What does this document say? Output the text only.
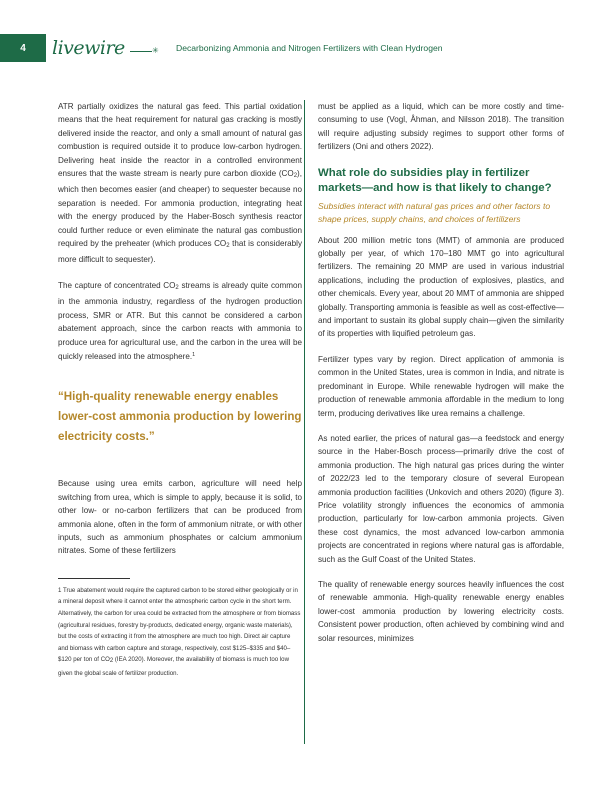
4	livewire	✳ Decarbonizing Ammonia and Nitrogen Fertilizers with Clean Hydrogen

ATR partially oxidizes the natural gas feed. This partial oxidation means that the heat requirement for natural gas cracking is mostly delivered inside the reactor, and only a small amount of natural gas combustion is required outside it to produce low-carbon hydrogen. Delivering heat inside the reactor in a controlled environment ensures that the waste stream is nearly pure carbon dioxide $(CO_2)$, which then becomes easier (and cheaper) to sequester because no separation is needed. For ammonia production, integrating heat with the energy produced by the Haber-Bosch synthesis reactor could further reduce or even eliminate the natural gas combustion required by the preheater (which produces $CO_2$ that is considerably more difficult to sequester).

The capture of concentrated $CO_2$ streams is already quite common in the ammonia industry, regardless of the hydrogen production process, SMR or ATR. But this cannot be considered a carbon abatement approach, since the carbon reacts with ammonia to produce urea for agricultural use, and the carbon in the urea will be quickly released into the atmosphere.$^1$

“High-quality renewable energy enables lower-cost ammonia production by lowering electricity costs.”

Because using urea emits carbon, agriculture will need help switching from urea, which is simple to apply, because it is solid, to other low- or no-carbon fertilizers that can be produced from ammonia alone, often in the form of ammonium nitrate, or with other inputs, such as ammonium phosphates or calcium ammonium nitrates. Some of these fertilizers

1 True abatement would require the captured carbon to be stored either geologically or in a mineral deposit where it cannot enter the atmospheric carbon cycle in the short term. Alternatively, the carbon for urea could be extracted from the atmosphere or from biomass (agricultural residues, forestry by-products, dedicated energy, organic waste materials), but the costs of extracting it from the atmosphere are much too high. Direct air capture and biomass with carbon capture and storage, respectively, cost $125–$335 and $40–$120 per ton of $CO_2$ (IEA 2020). Moreover, the availability of biomass is much too low given the global scale of fertilizer production.

must be applied as a liquid, which can be more costly and time-consuming to use (Vogl, Åhman, and Nilsson 2018). The transition will require adjusting subsidy regimes to support other forms of fertilizers (Oni and others 2022).

What role do subsidies play in fertilizer markets—and how is that likely to change?
Subsidies interact with natural gas prices and other factors to shape prices, supply chains, and choices of fertilizers

About 200 million metric tons (MMT) of ammonia are produced globally per year, of which 170–180 MMT go into agricultural fertilizers. The remaining 20 MMP are used in various industrial applications, including the production of explosives, plastics, and other chemicals. Every year, about 20 MMT of ammonia are shipped globally. Transporting ammonia is feasible as well as cost-effective—and important to sustain its global supply chain—given the similarity of its properties with liquified petroleum gas.

Fertilizer types vary by region. Direct application of ammonia is common in the United States, urea is common in India, and nitrate is predominant in Europe. While renewable hydrogen will make the production of renewable ammonia affordable in the medium to long term, producing derivatives like urea remains a challenge.

As noted earlier, the prices of natural gas—a feedstock and energy source in the Haber-Bosch process—primarily drive the cost of ammonia production. The high natural gas prices during the winter of 2022/23 led to the temporary closure of several European ammonia production facilities (Unkovich and others 2020) (figure 3). Price volatility strongly influences the economics of ammonia production, particularly for low-carbon ammonia projects. Given these cost dynamics, the most advanced low-carbon ammonia projects are concentrated in regions where natural gas is affordable, such as the Gulf Coast of the United States.

The quality of renewable energy sources heavily influences the cost of renewable ammonia. High-quality renewable energy enables lower-cost ammonia production by lowering electricity costs. Consistent power production, often achieved by combining wind and solar resources, minimizes
